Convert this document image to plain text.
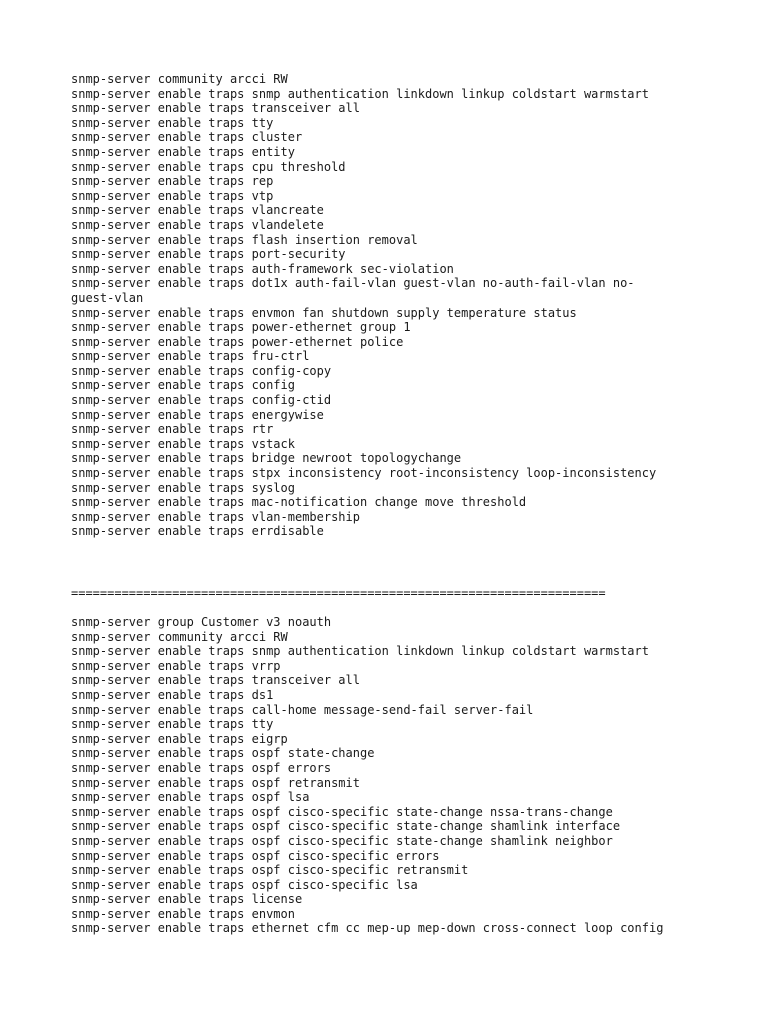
snmp-server community arcci RW
snmp-server enable traps snmp authentication linkdown linkup coldstart warmstart
snmp-server enable traps transceiver all
snmp-server enable traps tty
snmp-server enable traps cluster
snmp-server enable traps entity
snmp-server enable traps cpu threshold
snmp-server enable traps rep
snmp-server enable traps vtp
snmp-server enable traps vlancreate
snmp-server enable traps vlandelete
snmp-server enable traps flash insertion removal
snmp-server enable traps port-security
snmp-server enable traps auth-framework sec-violation
snmp-server enable traps dot1x auth-fail-vlan guest-vlan no-auth-fail-vlan no-
guest-vlan
snmp-server enable traps envmon fan shutdown supply temperature status
snmp-server enable traps power-ethernet group 1
snmp-server enable traps power-ethernet police
snmp-server enable traps fru-ctrl
snmp-server enable traps config-copy
snmp-server enable traps config
snmp-server enable traps config-ctid
snmp-server enable traps energywise
snmp-server enable traps rtr
snmp-server enable traps vstack
snmp-server enable traps bridge newroot topologychange
snmp-server enable traps stpx inconsistency root-inconsistency loop-inconsistency
snmp-server enable traps syslog
snmp-server enable traps mac-notification change move threshold
snmp-server enable traps vlan-membership
snmp-server enable traps errdisable
==========================================================================
snmp-server group Customer v3 noauth
snmp-server community arcci RW
snmp-server enable traps snmp authentication linkdown linkup coldstart warmstart
snmp-server enable traps vrrp
snmp-server enable traps transceiver all
snmp-server enable traps ds1
snmp-server enable traps call-home message-send-fail server-fail
snmp-server enable traps tty
snmp-server enable traps eigrp
snmp-server enable traps ospf state-change
snmp-server enable traps ospf errors
snmp-server enable traps ospf retransmit
snmp-server enable traps ospf lsa
snmp-server enable traps ospf cisco-specific state-change nssa-trans-change
snmp-server enable traps ospf cisco-specific state-change shamlink interface
snmp-server enable traps ospf cisco-specific state-change shamlink neighbor
snmp-server enable traps ospf cisco-specific errors
snmp-server enable traps ospf cisco-specific retransmit
snmp-server enable traps ospf cisco-specific lsa
snmp-server enable traps license
snmp-server enable traps envmon
snmp-server enable traps ethernet cfm cc mep-up mep-down cross-connect loop config
